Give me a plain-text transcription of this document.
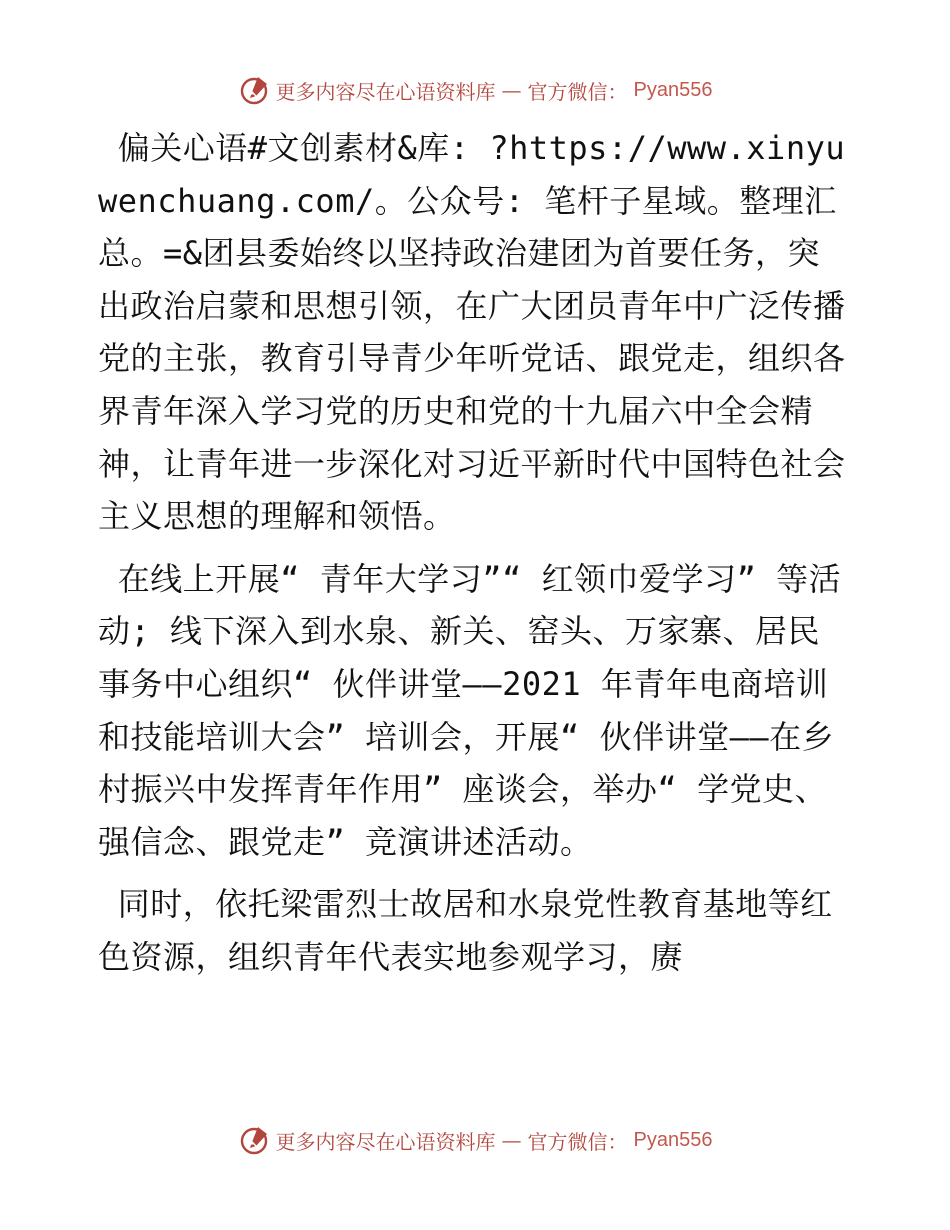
更多内容尽在心语资料库 — 官方微信： Pyan556

偏关心语#文创素材&库: ?https://www.xinyuwenchuang.com/。公众号: 笔杆子星域。整理汇总。=&团县委始终以坚持政治建团为首要任务，突出政治启蒙和思想引领，在广大团员青年中广泛传播党的主张，教育引导青少年听党话、跟党走，组织各界青年深入学习党的历史和党的十九届六中全会精神，让青年进一步深化对习近平新时代中国特色社会主义思想的理解和领悟。

在线上开展“ 青年大学习”“ 红领巾爱学习” 等活动; 线下深入到水泉、新关、窑头、万家寨、居民事务中心组织“ 伙伴讲堂——2021 年青年电商培训和技能培训大会” 培训会，开展“ 伙伴讲堂——在乡村振兴中发挥青年作用” 座谈会，举办“ 学党史、强信念、跟党走” 竞演讲述活动。

同时，依托梁雷烈士故居和水泉党性教育基地等红色资源，组织青年代表实地参观学习，赓

更多内容尽在心语资料库 — 官方微信： Pyan556
